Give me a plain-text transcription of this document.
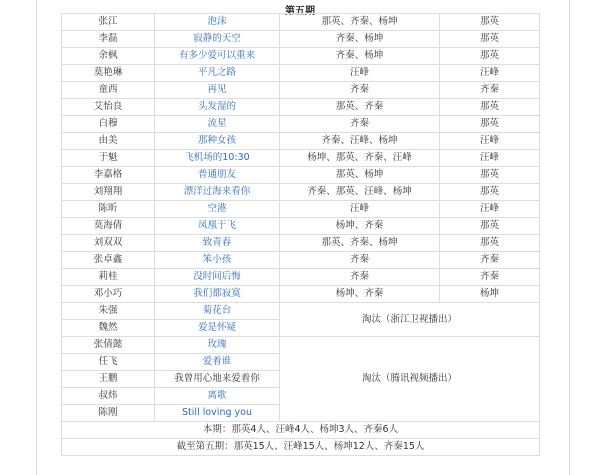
第五期
张江	泡沫	那英、齐秦、杨坤	那英
李磊	寂静的天空	齐秦、杨坤	那英
余枫	有多少爱可以重来	齐秦、杨坤	那英
莫艳琳	平凡之路	汪峰	汪峰
童西	再见	齐秦	齐秦
艾怡良	头发湿的	那英、齐秦	那英
白穆	流星	齐秦	那英
由美	那种女孩	齐秦、汪峰、杨坤	汪峰
于魁	飞机场的10:30	杨坤、那英、齐秦、汪峰	汪峰
李嘉格	普通朋友	那英、杨坤	那英
刘翔翔	漂洋过海来看你	齐秦、那英、汪峰、杨坤	那英
陈昕	空港	汪峰	汪峰
莫海倩	凤凰于飞	杨坤、齐秦	那英
刘双双	致青春	那英、齐秦、杨坤	那英
张卓鑫	笨小孩	齐秦	齐秦
莉桂	没时间后悔	齐秦	齐秦
邓小巧	我们都寂寞	杨坤、齐秦	杨坤
朱强	菊花台	淘汰（浙江卫视播出）	
魏然	爱是怀疑		
张倩懿	玫瑰	淘汰（腾讯视频播出）	
任飞	爱着谁		
王鹏	我曾用心地来爱着你		
叔炜	离歌		
陈刚	Still loving you		
本期：那英4人、汪峰4人、杨坤3人、齐秦6人			
截至第五期：那英15人、汪峰15人、杨坤12人、齐秦15人			
